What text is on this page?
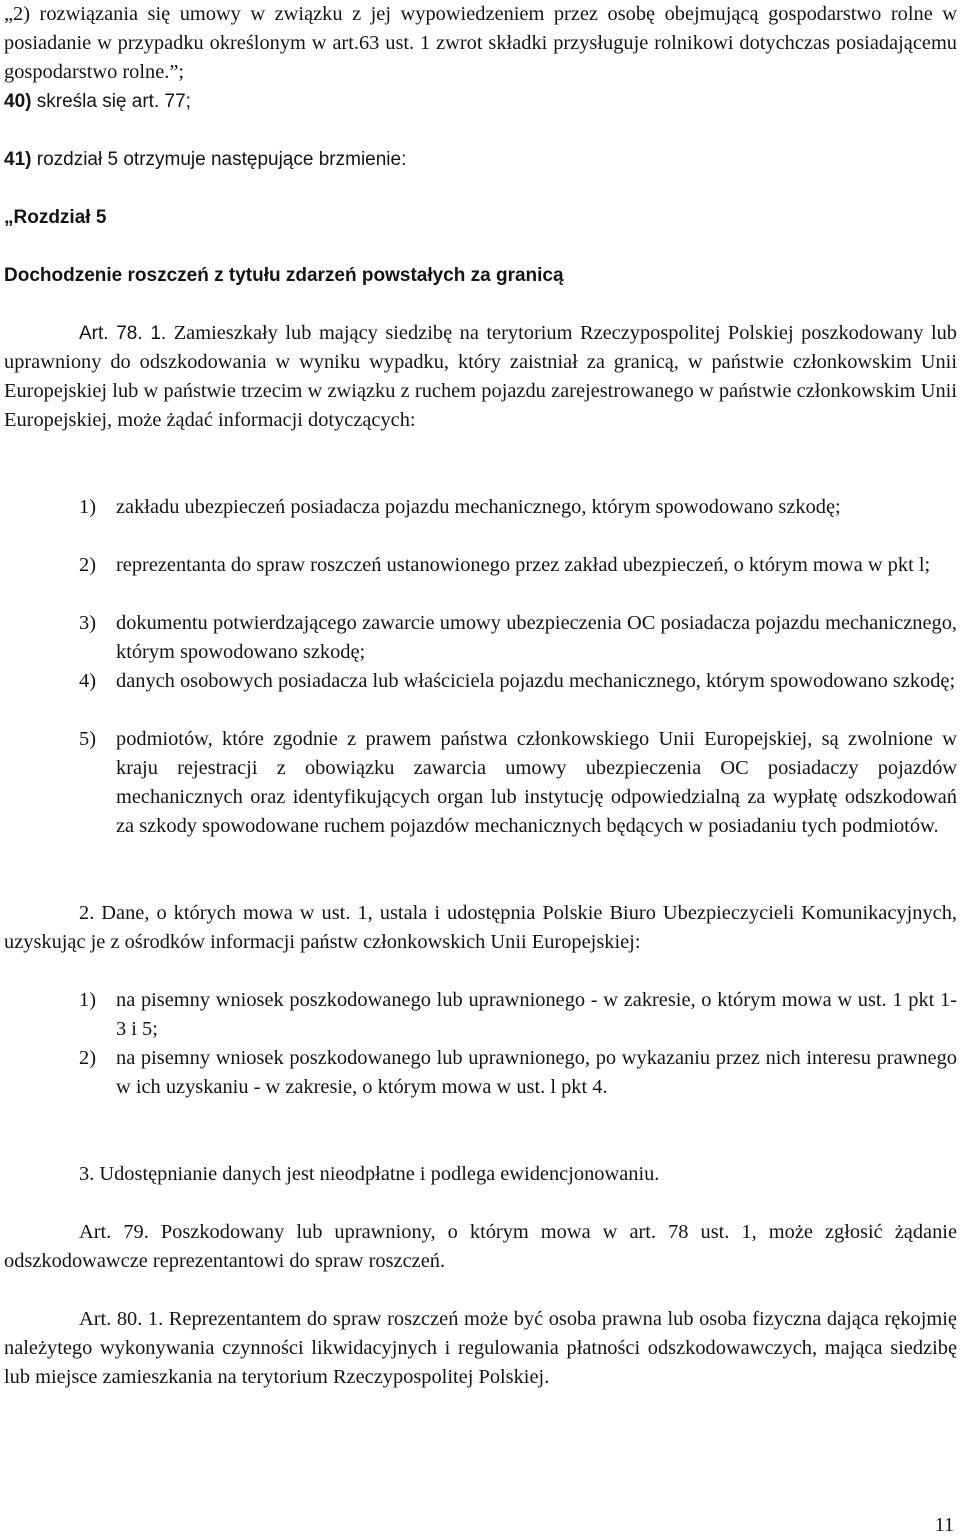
„2) rozwiązania się umowy w związku z jej wypowiedzeniem przez osobę obejmującą gospodarstwo rolne w posiadanie w przypadku określonym w art.63 ust. 1 zwrot składki przysługuje rolnikowi dotychczas posiadającemu gospodarstwo rolne.”;

40) skreśla się art. 77;

41) rozdział 5 otrzymuje następujące brzmienie:

„Rozdział 5

Dochodzenie roszczeń z tytułu zdarzeń powstałych za granicą

Art. 78. 1. Zamieszkały lub mający siedzibę na terytorium Rzeczypospolitej Polskiej poszkodowany lub uprawniony do odszkodowania w wyniku wypadku, który zaistniał za granicą, w państwie członkowskim Unii Europejskiej lub w państwie trzecim w związku z ruchem pojazdu zarejestrowanego w państwie członkowskim Unii Europejskiej, może żądać informacji dotyczących:

1) zakładu ubezpieczeń posiadacza pojazdu mechanicznego, którym spowodowano szkodę;
2) reprezentanta do spraw roszczeń ustanowionego przez zakład ubezpieczeń, o którym mowa w pkt l;
3) dokumentu potwierdzającego zawarcie umowy ubezpieczenia OC posiadacza pojazdu mechanicznego, którym spowodowano szkodę;
4) danych osobowych posiadacza lub właściciela pojazdu mechanicznego, którym spowodowano szkodę;
5) podmiotów, które zgodnie z prawem państwa członkowskiego Unii Europejskiej, są zwolnione w kraju rejestracji z obowiązku zawarcia umowy ubezpieczenia OC posiadaczy pojazdów mechanicznych oraz identyfikujących organ lub instytucję odpowiedzialną za wypłatę odszkodowań za szkody spowodowane ruchem pojazdów mechanicznych będących w posiadaniu tych podmiotów.

2. Dane, o których mowa w ust. 1, ustala i udostępnia Polskie Biuro Ubezpieczycieli Komunikacyjnych, uzyskując je z ośrodków informacji państw członkowskich Unii Europejskiej:

1) na pisemny wniosek poszkodowanego lub uprawnionego - w zakresie, o którym mowa w ust. 1 pkt 1-3 i 5;
2) na pisemny wniosek poszkodowanego lub uprawnionego, po wykazaniu przez nich interesu prawnego w ich uzyskaniu - w zakresie, o którym mowa w ust. l pkt 4.

3. Udostępnianie danych jest nieodpłatne i podlega ewidencjonowaniu.

Art. 79. Poszkodowany lub uprawniony, o którym mowa w art. 78 ust. 1, może zgłosić żądanie odszkodowawcze reprezentantowi do spraw roszczeń.

Art. 80. 1. Reprezentantem do spraw roszczeń może być osoba prawna lub osoba fizyczna dająca rękojmię należytego wykonywania czynności likwidacyjnych i regulowania płatności odszkodowawczych, mająca siedzibę lub miejsce zamieszkania na terytorium Rzeczypospolitej Polskiej.

11
